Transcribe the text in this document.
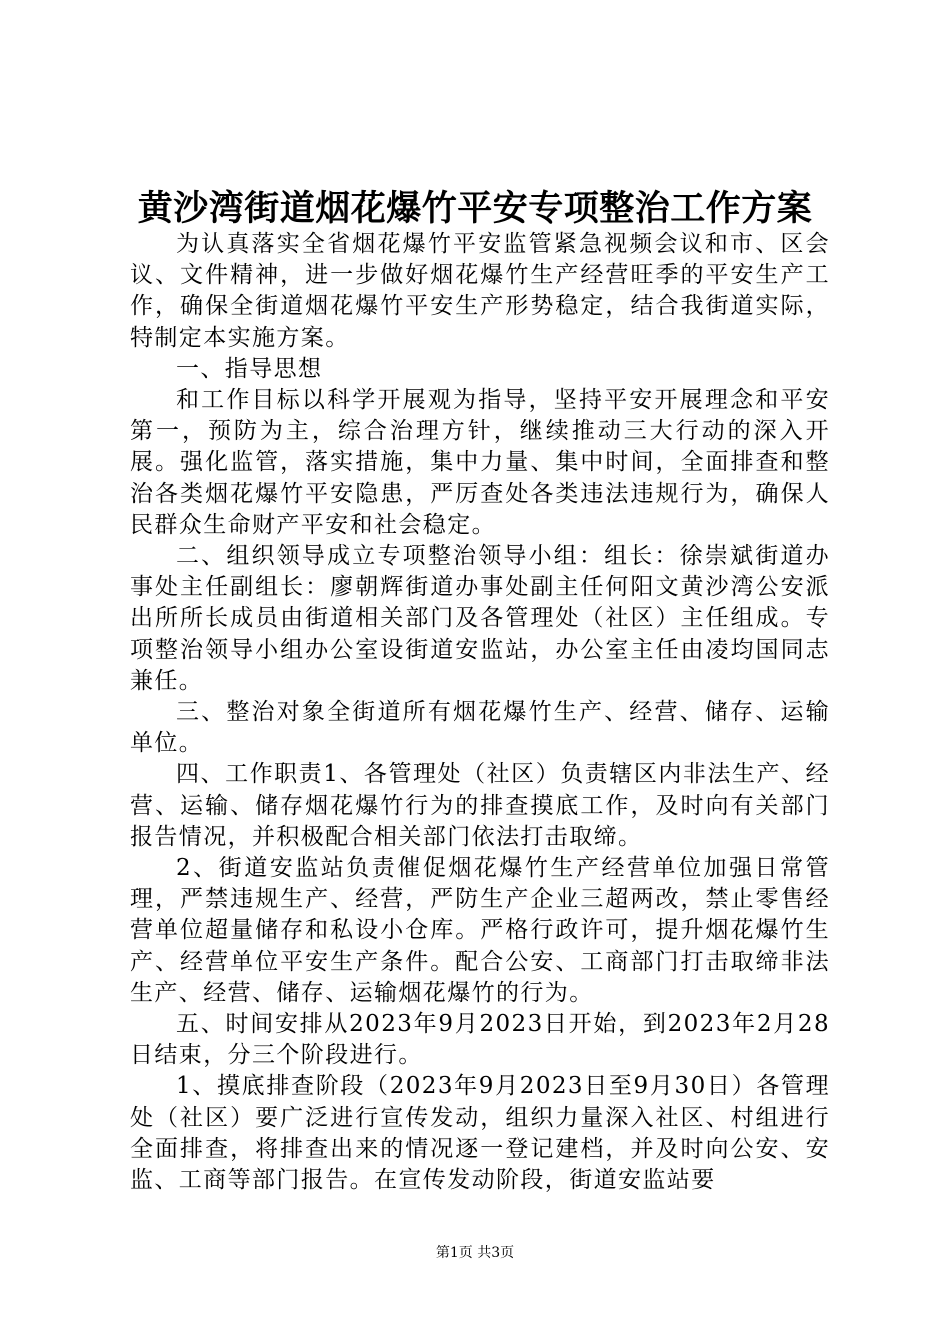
黄沙湾街道烟花爆竹平安专项整治工作方案

为认真落实全省烟花爆竹平安监管紧急视频会议和市、区会议、文件精神，进一步做好烟花爆竹生产经营旺季的平安生产工作，确保全街道烟花爆竹平安生产形势稳定，结合我街道实际，特制定本实施方案。

一、指导思想

和工作目标以科学开展观为指导，坚持平安开展理念和平安第一，预防为主，综合治理方针，继续推动三大行动的深入开展。强化监管，落实措施，集中力量、集中时间，全面排查和整治各类烟花爆竹平安隐患，严厉查处各类违法违规行为，确保人民群众生命财产平安和社会稳定。

二、组织领导成立专项整治领导小组：组长：徐崇斌街道办事处主任副组长：廖朝辉街道办事处副主任何阳文黄沙湾公安派出所所长成员由街道相关部门及各管理处（社区）主任组成。专项整治领导小组办公室设街道安监站，办公室主任由凌均国同志兼任。

三、整治对象全街道所有烟花爆竹生产、经营、储存、运输单位。

四、工作职责1、各管理处（社区）负责辖区内非法生产、经营、运输、储存烟花爆竹行为的排查摸底工作，及时向有关部门报告情况，并积极配合相关部门依法打击取缔。

2、街道安监站负责催促烟花爆竹生产经营单位加强日常管理，严禁违规生产、经营，严防生产企业三超两改，禁止零售经营单位超量储存和私设小仓库。严格行政许可，提升烟花爆竹生产、经营单位平安生产条件。配合公安、工商部门打击取缔非法生产、经营、储存、运输烟花爆竹的行为。

五、时间安排从2023年9月2023日开始，到2023年2月28日结束，分三个阶段进行。

1、摸底排查阶段（2023年9月2023日至9月30日）各管理处（社区）要广泛进行宣传发动，组织力量深入社区、村组进行全面排查，将排查出来的情况逐一登记建档，并及时向公安、安监、工商等部门报告。在宣传发动阶段，街道安监站要

第1页 共3页
